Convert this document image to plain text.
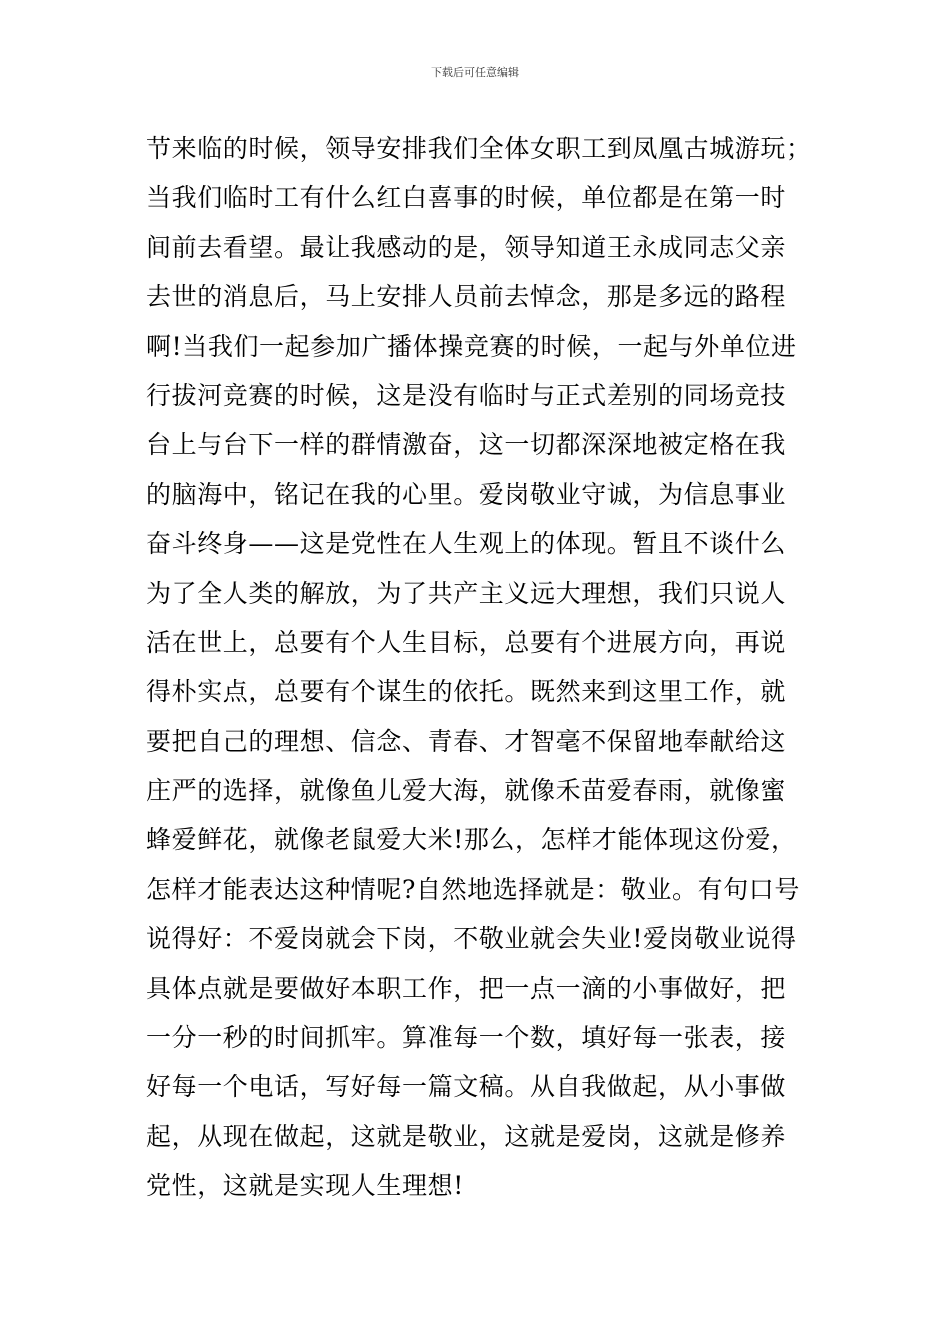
下载后可任意编辑
节来临的时候，领导安排我们全体女职工到凤凰古城游玩；
当我们临时工有什么红白喜事的时候，单位都是在第一时
间前去看望。最让我感动的是，领导知道王永成同志父亲
去世的消息后，马上安排人员前去悼念，那是多远的路程
啊!当我们一起参加广播体操竞赛的时候，一起与外单位进
行拔河竞赛的时候，这是没有临时与正式差别的同场竞技
台上与台下一样的群情激奋，这一切都深深地被定格在我
的脑海中，铭记在我的心里。爱岗敬业守诚，为信息事业
奋斗终身——这是党性在人生观上的体现。暂且不谈什么
为了全人类的解放，为了共产主义远大理想，我们只说人
活在世上，总要有个人生目标，总要有个进展方向，再说
得朴实点，总要有个谋生的依托。既然来到这里工作，就
要把自己的理想、信念、青春、才智毫不保留地奉献给这
庄严的选择，就像鱼儿爱大海，就像禾苗爱春雨，就像蜜
蜂爱鲜花，就像老鼠爱大米!那么，怎样才能体现这份爱，
怎样才能表达这种情呢?自然地选择就是：敬业。有句口号
说得好：不爱岗就会下岗，不敬业就会失业!爱岗敬业说得
具体点就是要做好本职工作，把一点一滴的小事做好，把
一分一秒的时间抓牢。算准每一个数，填好每一张表，接
好每一个电话，写好每一篇文稿。从自我做起，从小事做
起，从现在做起，这就是敬业，这就是爱岗，这就是修养
党性，这就是实现人生理想!
